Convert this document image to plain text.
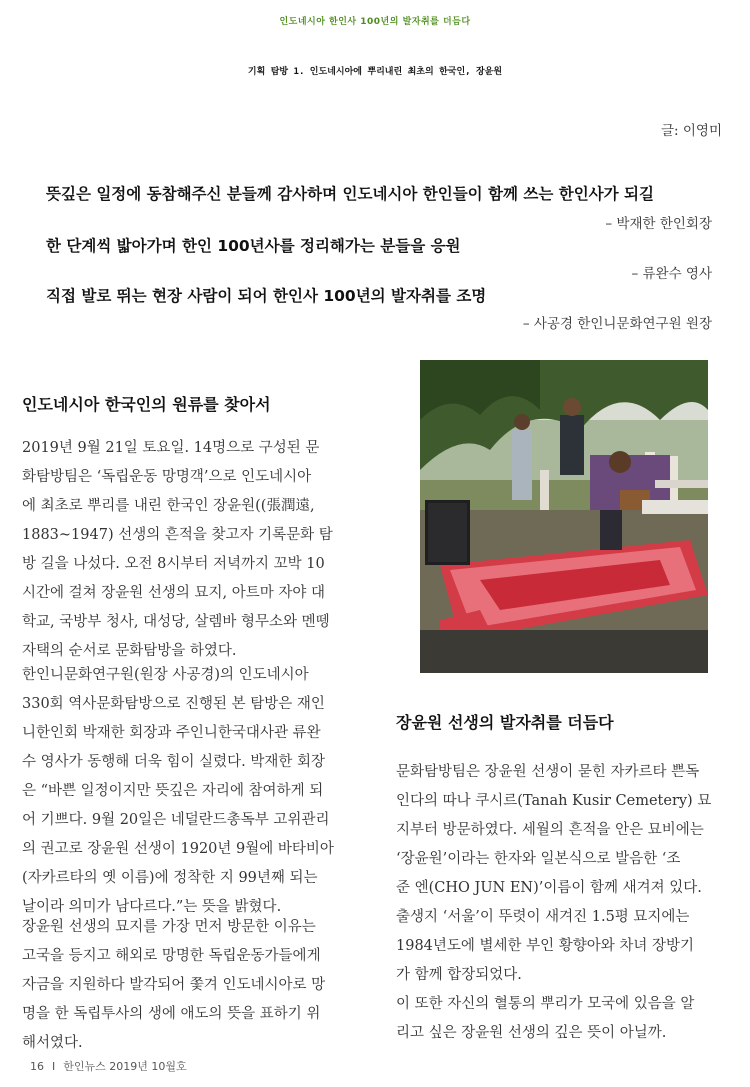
인도네시아 한인사 100년의 발자취를 더듬다
기획 탐방 1. 인도네시아에 뿌리내린 최초의 한국인, 장윤원
글: 이영미
뜻깊은 일정에 동참해주신 분들께 감사하며 인도네시아 한인들이 함께 쓰는 한인사가 되길
– 박재한 한인회장
한 단계씩 밟아가며 한인 100년사를 정리해가는 분들을 응원
– 류완수 영사
직접 발로 뛰는 현장 사람이 되어 한인사 100년의 발자취를 조명
– 사공경 한인니문화연구원 원장
인도네시아 한국인의 원류를 찾아서
2019년 9월 21일 토요일. 14명으로 구성된 문
화탐방팀은 ‘독립운동 망명객’으로 인도네시아
에 최초로 뿌리를 내린 한국인 장윤원((張潤遠,
1883~1947) 선생의 흔적을 찾고자 기록문화 탐
방 길을 나섰다. 오전 8시부터 저녁까지 꼬박 10
시간에 걸쳐 장윤원 선생의 묘지, 아트마 자야 대
학교, 국방부 청사, 대성당, 살렘바 형무소와 멘뗑
자택의 순서로 문화탐방을 하였다.
한인니문화연구원(원장 사공경)의 인도네시아
330회 역사문화탐방으로 진행된 본 탐방은 재인
니한인회 박재한 회장과 주인니한국대사관 류완
수 영사가 동행해 더욱 힘이 실렸다. 박재한 회장
은 “바쁜 일정이지만 뜻깊은 자리에 참여하게 되
어 기쁘다. 9월 20일은 네덜란드총독부 고위관리
의 권고로 장윤원 선생이 1920년 9월에 바타비아
(자카르타의 옛 이름)에 정착한 지 99년째 되는
날이라 의미가 남다르다.”는 뜻을 밝혔다.
장윤원 선생의 묘지를 가장 먼저 방문한 이유는
고국을 등지고 해외로 망명한 독립운동가들에게
자금을 지원하다 발각되어 쫓겨 인도네시아로 망
명을 한 독립투사의 생에 애도의 뜻을 표하기 위
해서였다.
장윤원 선생의 발자취를 더듬다
문화탐방팀은 장윤원 선생이 묻힌 자카르타 쁜독
인다의 따나 쿠시르(Tanah Kusir Cemetery) 묘
지부터 방문하였다. 세월의 흔적을 안은 묘비에는
‘장윤원’이라는 한자와 일본식으로 발음한 ‘조
준 엔(CHO JUN EN)’이름이 함께 새겨져 있다.
출생지 ‘서울’이 뚜렷이 새겨진 1.5평 묘지에는
1984년도에 별세한 부인 황향아와 차녀 장방기
가 함께 합장되었다.
이 또한 자신의 혈통의 뿌리가 모국에 있음을 알
리고 싶은 장윤원 선생의 깊은 뜻이 아닐까.
16 I 한인뉴스 2019년 10월호
